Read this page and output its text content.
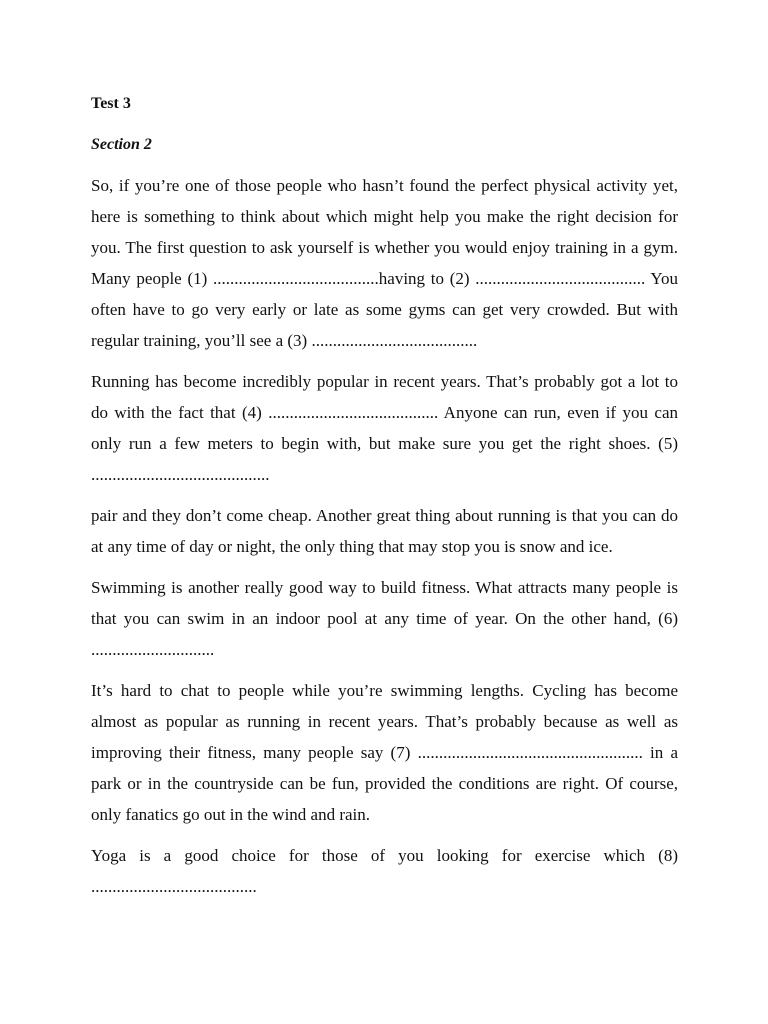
Test 3

Section 2

So, if you’re one of those people who hasn’t found the perfect physical activity yet, here is something to think about which might help you make the right decision for you. The first question to ask yourself is whether you would enjoy training in a gym. Many people (1) .......................................having to (2) ........................................ You often have to go very early or late as some gyms can get very crowded. But with regular training, you’ll see a (3) .......................................

Running has become incredibly popular in recent years. That’s probably got a lot to do with the fact that (4) ........................................ Anyone can run, even if you can only run a few meters to begin with, but make sure you get the right shoes. (5) ..........................................

pair and they don’t come cheap. Another great thing about running is that you can do at any time of day or night, the only thing that may stop you is snow and ice.

Swimming is another really good way to build fitness. What attracts many people is that you can swim in an indoor pool at any time of year. On the other hand, (6) .............................

It’s hard to chat to people while you’re swimming lengths. Cycling has become almost as popular as running in recent years. That’s probably because as well as improving their fitness, many people say (7) ..................................................... in a park or in the countryside can be fun, provided the conditions are right. Of course, only fanatics go out in the wind and rain.

Yoga is a good choice for those of you looking for exercise which (8) .......................................
